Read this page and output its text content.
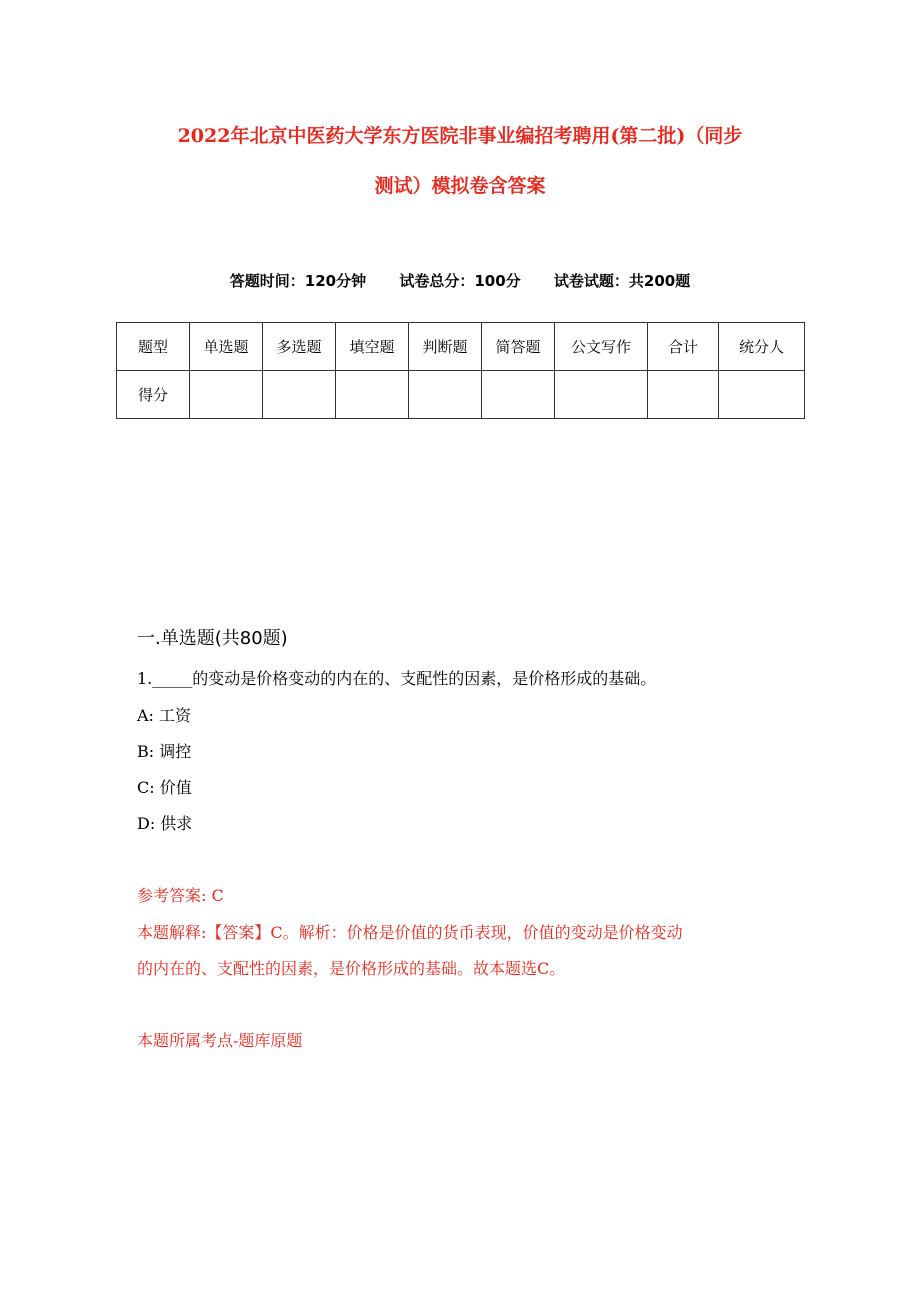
2022年北京中医药大学东方医院非事业编招考聘用(第二批)（同步
测试）模拟卷含答案
答题时间：120分钟 试卷总分：100分 试卷试题：共200题
题型	单选题	多选题	填空题	判断题	简答题	公文写作	合计	统分人
得分								
一.单选题(共80题)
1._____的变动是价格变动的内在的、支配性的因素，是价格形成的基础。
A: 工资
B: 调控
C: 价值
D: 供求
参考答案: C
本题解释:【答案】C。解析：价格是价值的货币表现，价值的变动是价格变动
的内在的、支配性的因素，是价格形成的基础。故本题选C。
本题所属考点-题库原题
